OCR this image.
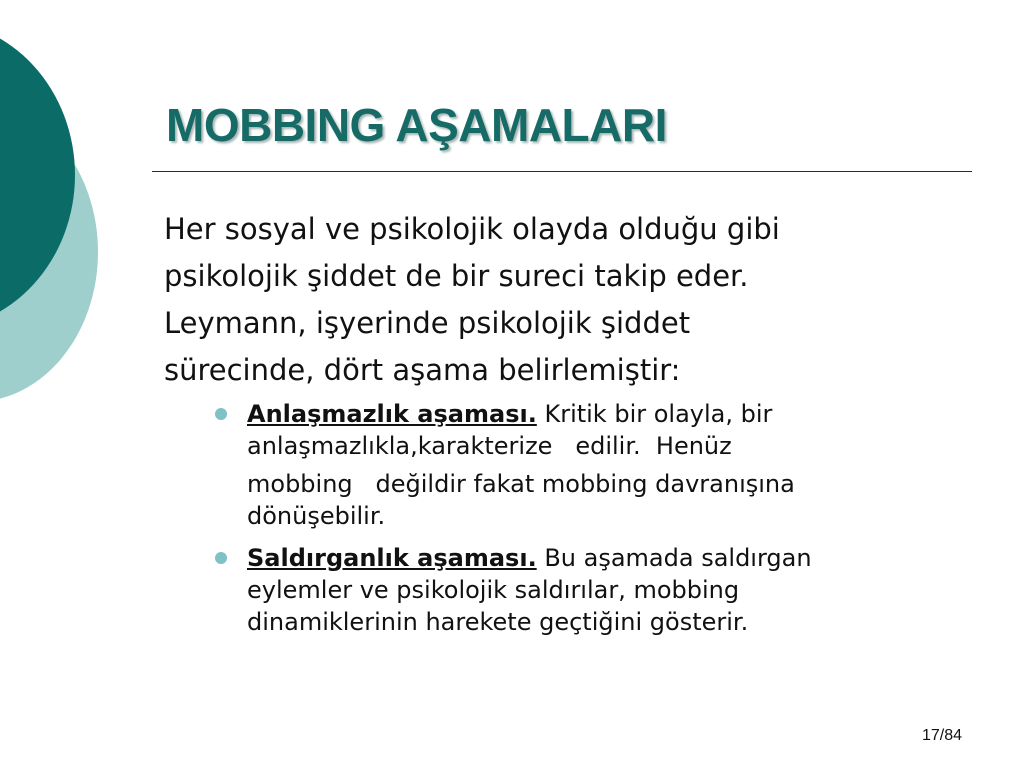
MOBBING AŞAMALARI

Her sosyal ve psikolojik olayda olduğu gibi
psikolojik şiddet de bir sureci takip eder.
Leymann, işyerinde psikolojik şiddet
sürecinde, dört aşama belirlemiştir:

Anlaşmazlık aşaması. Kritik bir olayla, bir
anlaşmazlıkla,karakterize   edilir.  Henüz
mobbing   değildir fakat mobbing davranışına
dönüşebilir.
Saldırganlık aşaması. Bu aşamada saldırgan
eylemler ve psikolojik saldırılar, mobbing
dinamiklerinin harekete geçtiğini gösterir.
17/84
